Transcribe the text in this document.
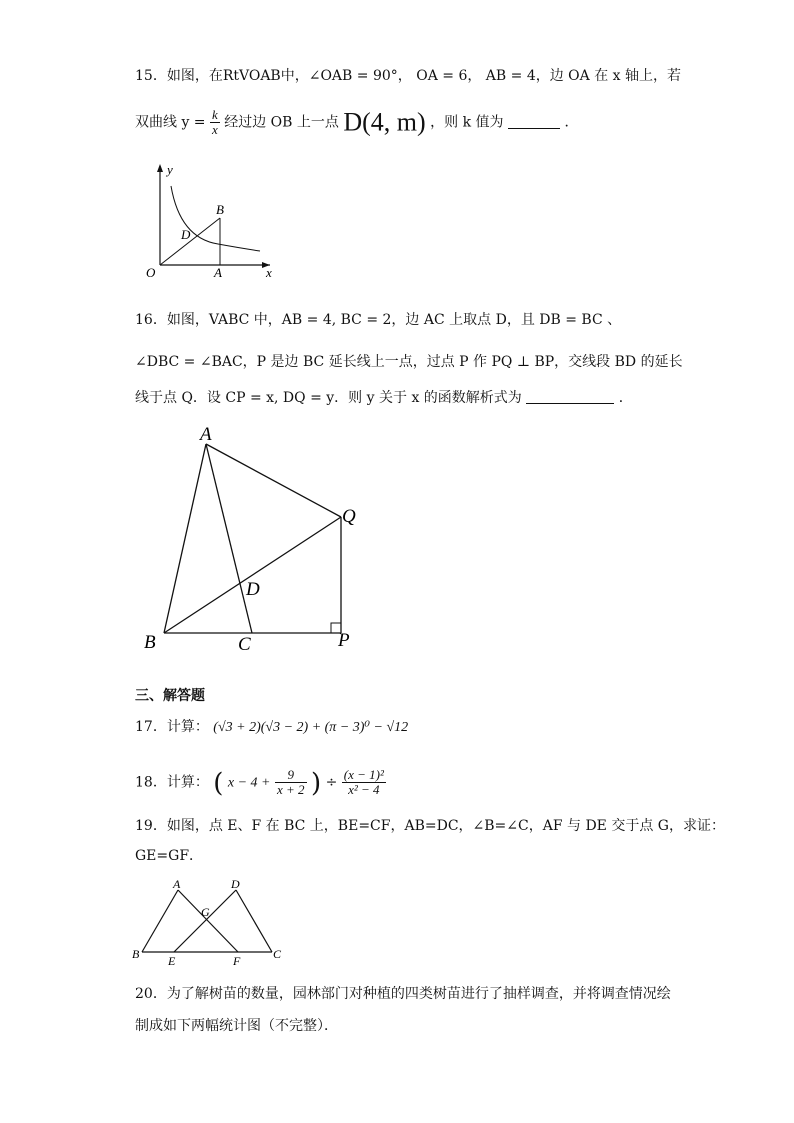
15．如图，在RtVOAB中，∠OAB = 90°， OA = 6， AB = 4，边 OA 在 x 轴上，若
双曲线 $y = \frac{k}{x}$ 经过边 OB 上一点 D(4, m) ，则 k 值为	．
y
B
D
O	A	x
16．如图，VABC 中，AB = 4, BC = 2，边 AC 上取点 D，且 DB = BC 、
∠DBC = ∠BAC，P 是边 BC 延长线上一点，过点 P 作 PQ ⊥ BP，交线段 BD 的延长
线于点 Q．设 CP = x, DQ = y．则 y 关于 x 的函数解析式为	．
A
Q
D
B	C	P
三、解答题
17．计算： (√3 + 2)(√3 − 2) + (π − 3)⁰ − √12
18．计算： ( $x - 4 + \frac{9}{x + 2}$ ) ÷ $\frac{\text{(x − 1)²}}{\text{x² − 4}}$
19．如图，点 E、F 在 BC 上，BE=CF，AB=DC，∠B=∠C，AF 与 DE 交于点 G，求证：
GE=GF．
A	D
G
B E	F	C
20．为了解树苗的数量，园林部门对种植的四类树苗进行了抽样调查，并将调查情况绘
制成如下两幅统计图（不完整）．
